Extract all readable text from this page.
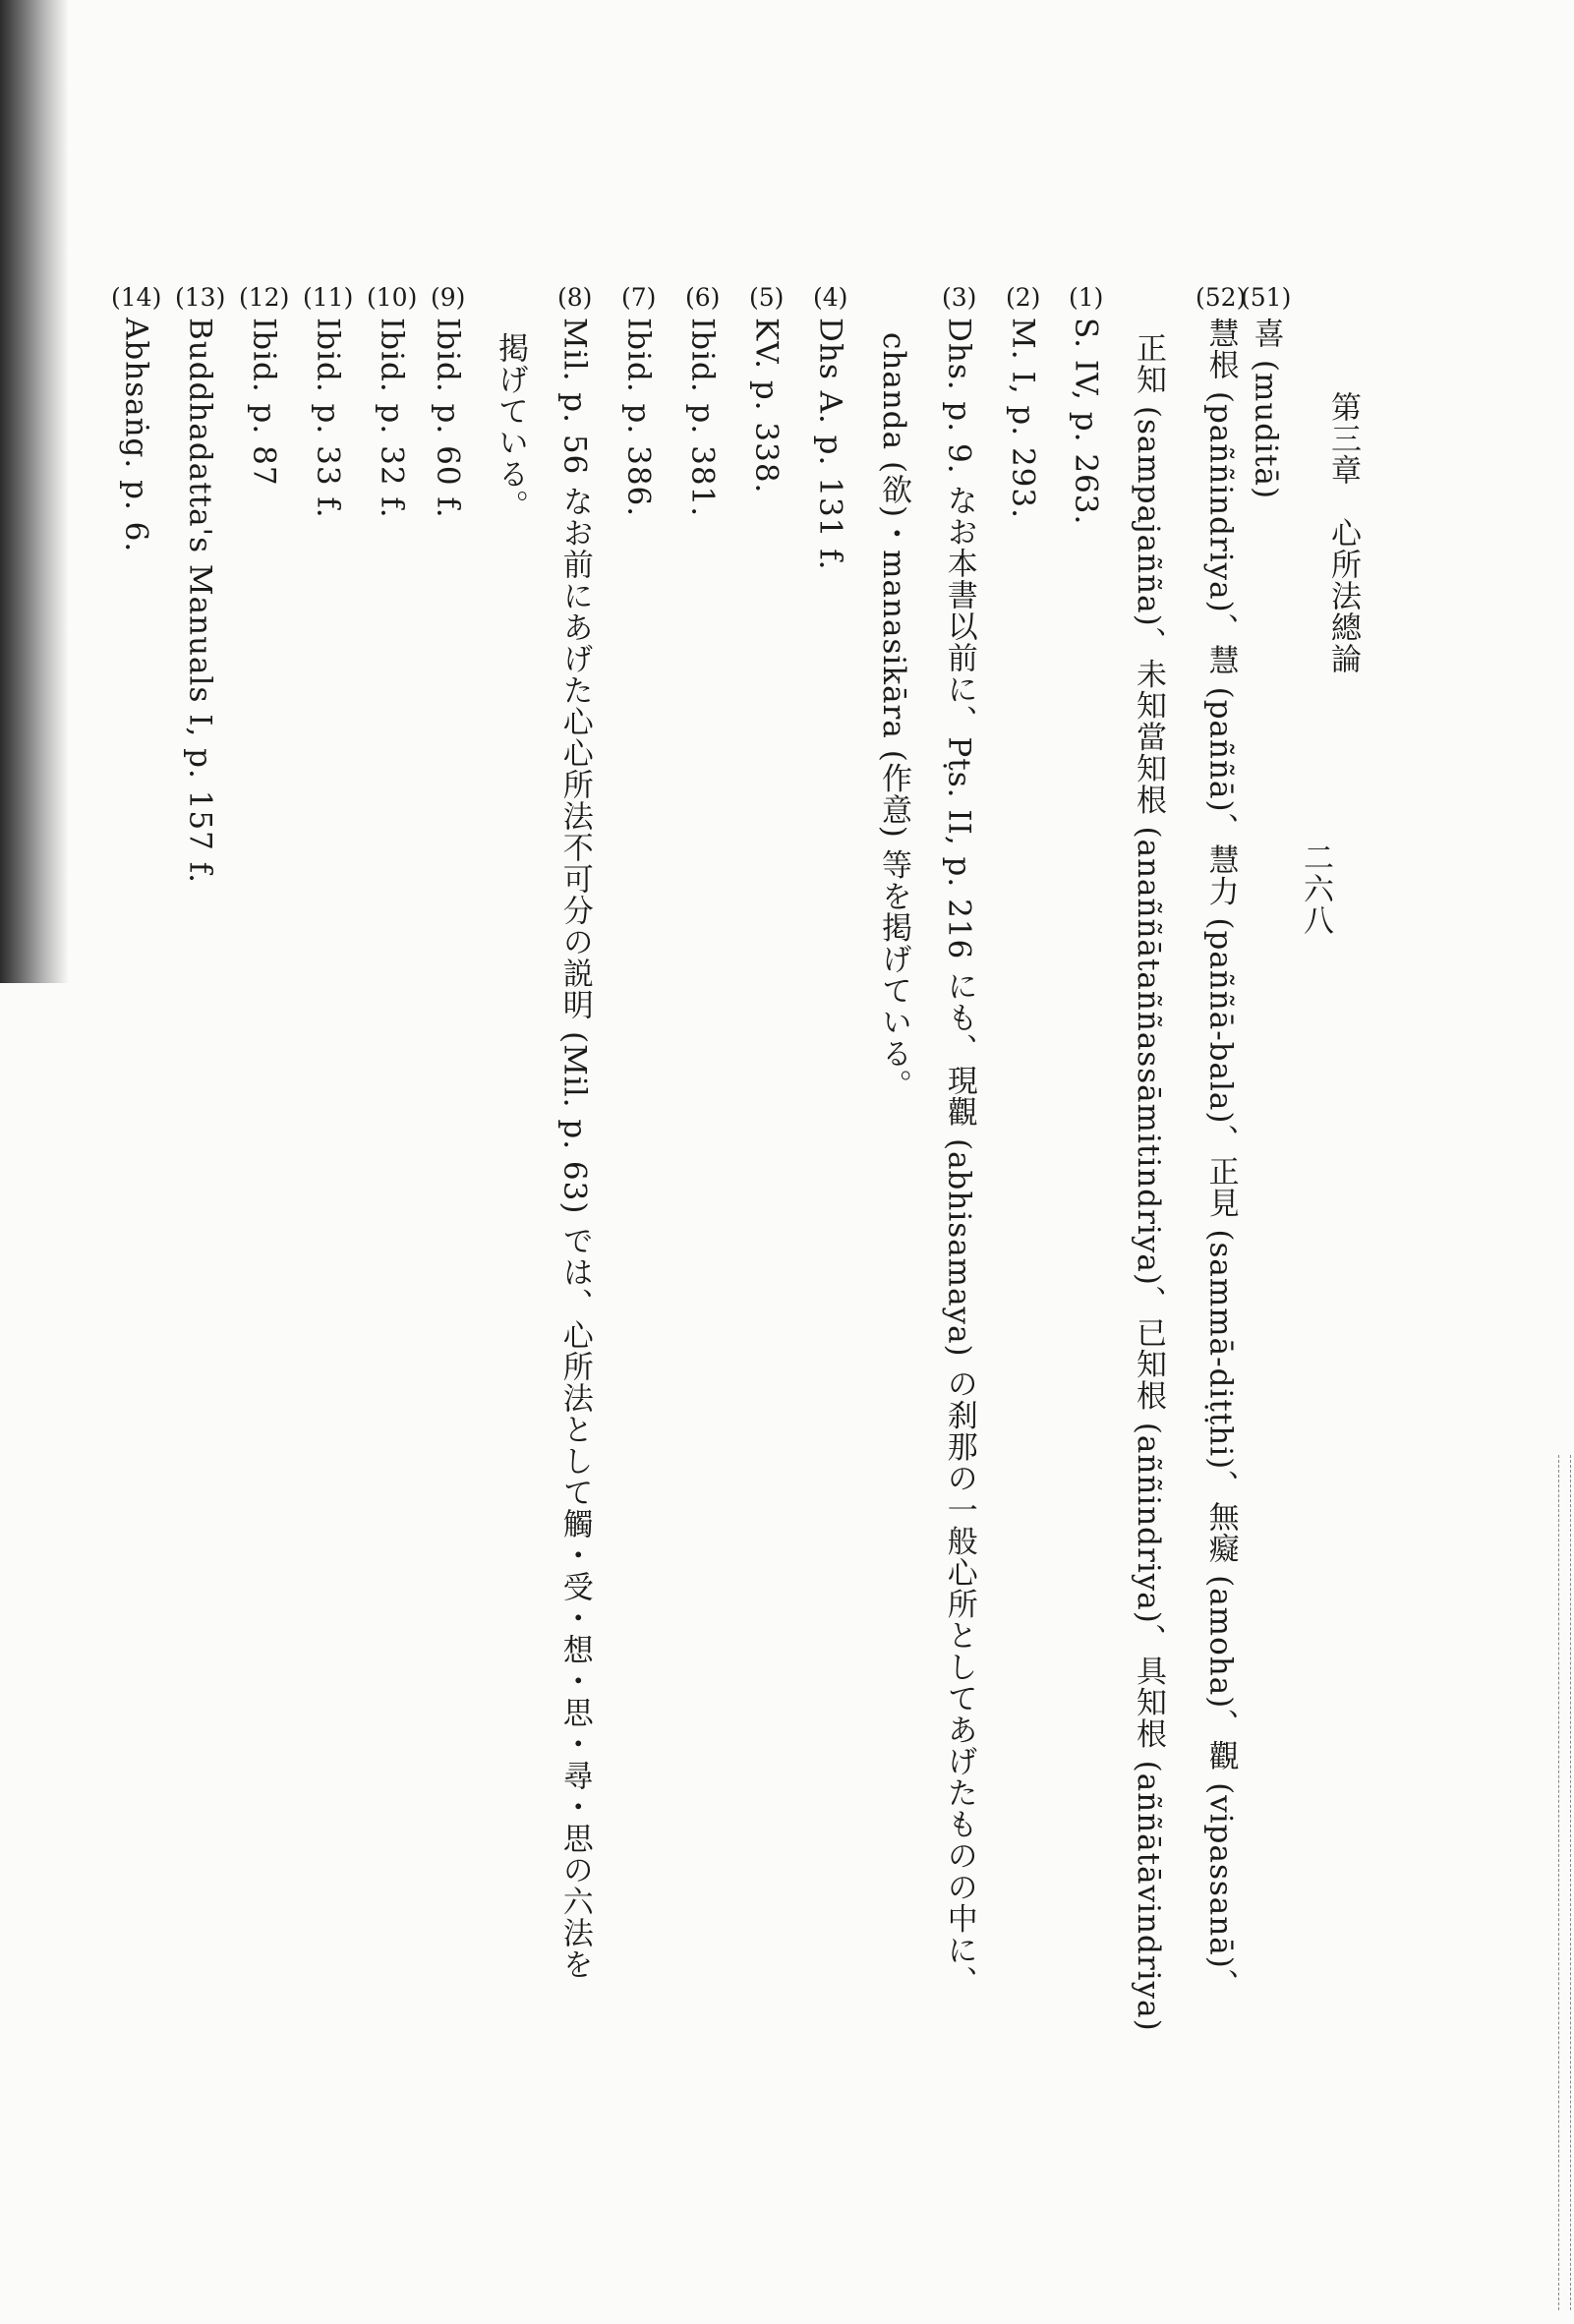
二六八
第三章　心所法總論
( 51 )喜 (muditā)
( 52 )慧根 (paññindriya)、慧 (paññā)、慧力 (paññā-bala)、正見 (sammā-diṭṭhi)、無癡 (amoha)、觀 (vipassanā)、
正知 (sampajañña)、未知當知根 (anaññātaññassāmitindriya)、已知根 (aññindriya)、具知根 (aññātāvindriya)
( 1 )S. IV, p. 263.
( 2 )M. I, p. 293.
( 3 )Dhs. p. 9. なお本書以前に、Pṭs. II, p. 216 にも、現觀 (abhisamaya) の刹那の一般心所としてあげたものの中に、
chanda (欲)・manasikāra (作意) 等を掲げている。
( 4 )Dhs A. p. 131 f.
( 5 )KV. p. 338.
( 6 )Ibid. p. 381.
( 7 )Ibid. p. 386.
( 8 )Mil. p. 56 なお前にあげた心心所法不可分の説明 (Mil. p. 63) では、心所法として觸・受・想・思・尋・思の六法を
掲げている。
( 9 )Ibid. p. 60 f.
( 10 )Ibid. p. 32 f.
( 11 )Ibid. p. 33 f.
( 12 )Ibid. p. 87
( 13 )Buddhadatta's Manuals I, p. 157 f.
( 14 )Abhsaṅg. p. 6.
